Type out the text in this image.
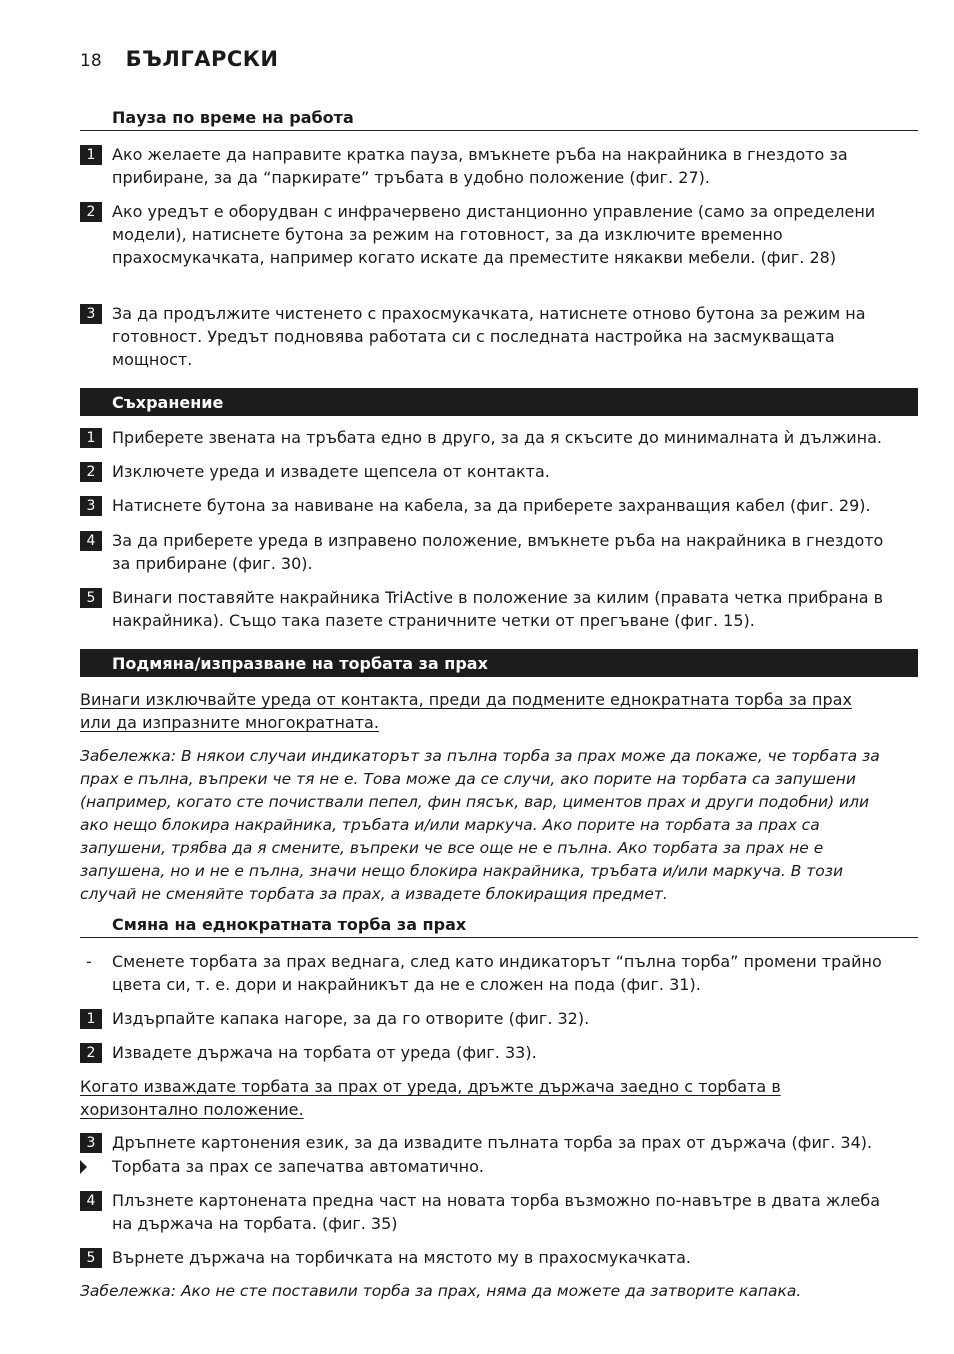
18 БЪЛГАРСКИ
Пауза по време на работа
1	Ако желаете да направите кратка пауза, вмъкнете ръба на накрайника в гнездото за прибиране, за да “паркирате” тръбата в удобно положение (фиг. 27).
2	Ако уредът е оборудван с инфрачервено дистанционно управление (само за определени модели), натиснете бутона за режим на готовност, за да изключите временно прахосмукачката, например когато искате да преместите някакви мебели. (фиг. 28)
3	За да продължите чистенето с прахосмукачката, натиснете отново бутона за режим на готовност. Уредът подновява работата си с последната настройка на засмукващата мощност.
Съхранение
1	Приберете звената на тръбата едно в друго, за да я скъсите до минималната ѝ дължина.
2	Изключете уреда и извадете щепсела от контакта.
3	Натиснете бутона за навиване на кабела, за да приберете захранващия кабел (фиг. 29).
4	За да приберете уреда в изправено положение, вмъкнете ръба на накрайника в гнездото за прибиране (фиг. 30).
5	Винаги поставяйте накрайника TriActive в положение за килим (правата четка прибрана в накрайника). Също така пазете страничните четки от прегъване (фиг. 15).
Подмяна/изпразване на торбата за прах
Винаги изключвайте уреда от контакта, преди да подмените еднократната торба за прах или да изпразните многократната.
Забележка: В някои случаи индикаторът за пълна торба за прах може да покаже, че торбата за прах е пълна, въпреки че тя не е. Това може да се случи, ако порите на торбата са запушени (например, когато сте почиствали пепел, фин пясък, вар, циментов прах и други подобни) или ако нещо блокира накрайника, тръбата и/или маркуча. Ако порите на торбата за прах са запушени, трябва да я смените, въпреки че все още не е пълна. Ако торбата за прах не е запушена, но и не е пълна, значи нещо блокира накрайника, тръбата и/или маркуча. В този случай не сменяйте торбата за прах, а извадете блокиращия предмет.
Смяна на еднократната торба за прах
-	Сменете торбата за прах веднага, след като индикаторът “пълна торба” промени трайно цвета си, т. е. дори и накрайникът да не е сложен на пода (фиг. 31).
1	Издърпайте капака нагоре, за да го отворите (фиг. 32).
2	Извадете държача на торбата от уреда (фиг. 33).
Когато изваждате торбата за прах от уреда, дръжте държача заедно с торбата в хоризонтално положение.
3	Дръпнете картонения език, за да извадите пълната торба за прах от държача (фиг. 34).
Торбата за прах се запечатва автоматично.
4	Плъзнете картонената предна част на новата торба възможно по-навътре в двата жлеба на държача на торбата. (фиг. 35)
5	Върнете държача на торбичката на мястото му в прахосмукачката.
Забележка: Ако не сте поставили торба за прах, няма да можете да затворите капака.
